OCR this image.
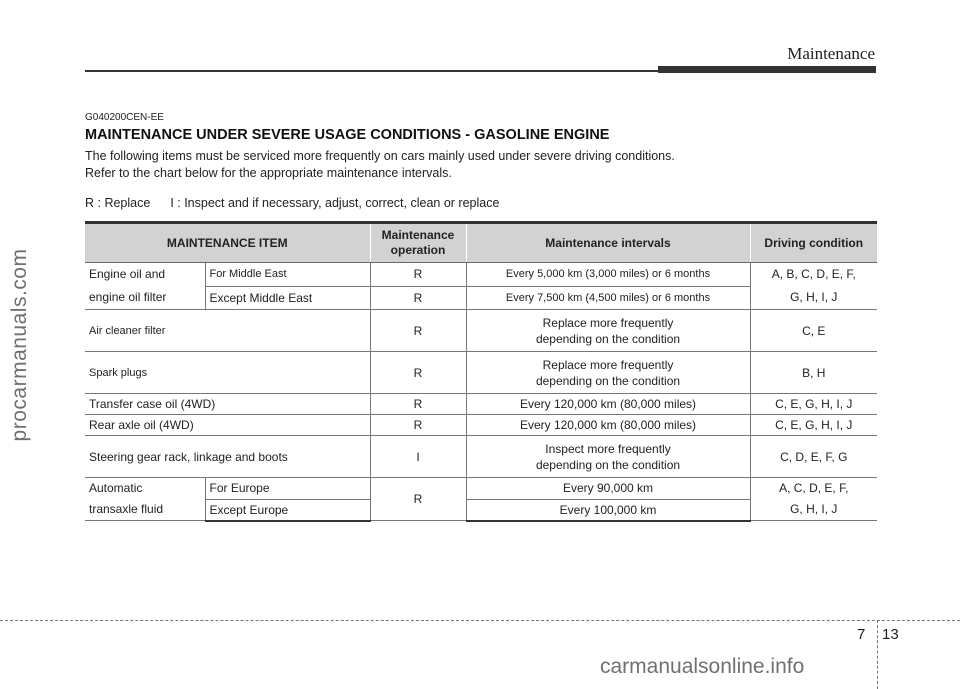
procarmanuals.com
Maintenance
G040200CEN-EE
MAINTENANCE UNDER SEVERE USAGE CONDITIONS - GASOLINE ENGINE
The following items must be serviced more frequently on cars mainly used under severe driving conditions.
Refer to the chart below for the appropriate maintenance intervals.
R : Replace I : Inspect and if necessary, adjust, correct, clean or replace
MAINTENANCE ITEM		Maintenance
operation	Maintenance intervals	Driving condition
Engine oil and
engine oil filter	For Middle East	R	Every 5,000 km (3,000 miles) or 6 months	A, B, C, D, E, F,
G, H, I, J
	Except Middle East	R	Every 7,500 km (4,500 miles) or 6 months	
Air cleaner filter		R	Replace more frequently
depending on the condition	C, E
Spark plugs		R	Replace more frequently
depending on the condition	B, H
Transfer case oil (4WD)		R	Every 120,000 km (80,000 miles)	C, E, G, H, I, J
Rear axle oil (4WD)		R	Every 120,000 km (80,000 miles)	C, E, G, H, I, J
Steering gear rack, linkage and boots		I	Inspect more frequently
depending on the condition	C, D, E, F, G
Automatic
transaxle fluid	For Europe	R	Every 90,000 km	A, C, D, E, F,
G, H, I, J
	Except Europe		Every 100,000 km	
7 13
carmanualsonline.info
